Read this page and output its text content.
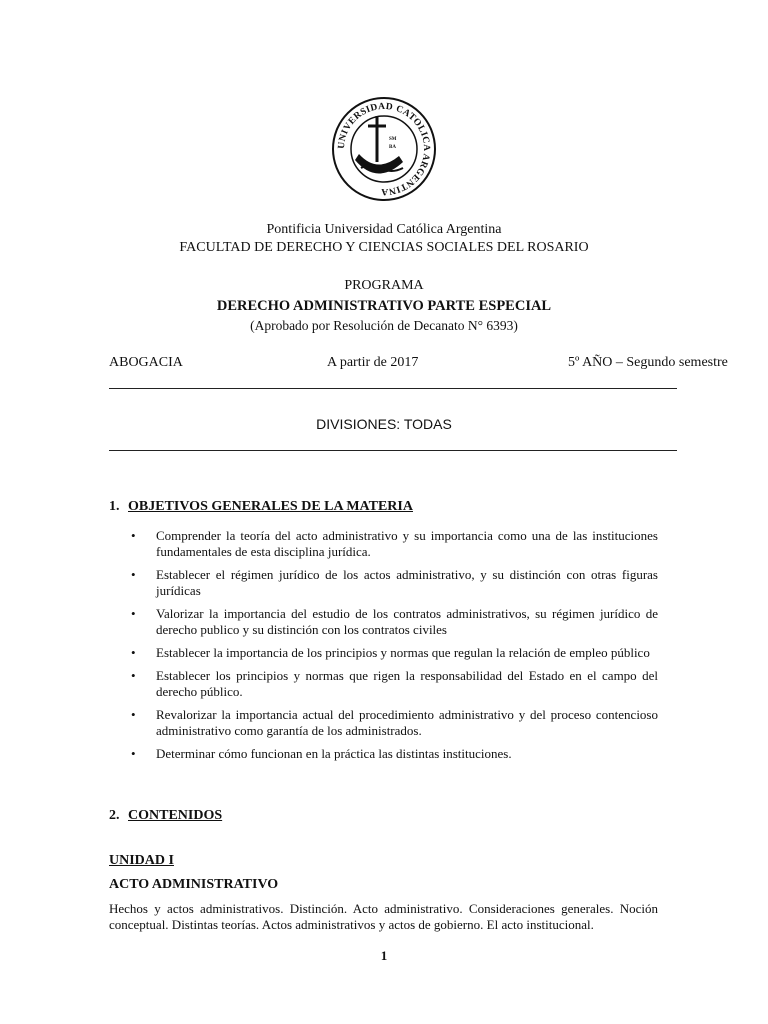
UNIVERSIDAD CATOLICA ARGENTINA
SM
BA
Pontificia Universidad Católica Argentina
FACULTAD DE DERECHO Y CIENCIAS SOCIALES DEL ROSARIO
PROGRAMA
DERECHO ADMINISTRATIVO PARTE ESPECIAL
(Aprobado por Resolución de Decanato N° 6393)
ABOGACIA	A partir de 2017	5º AÑO – Segundo semestre
DIVISIONES: TODAS
1. OBJETIVOS GENERALES DE LA MATERIA
• Comprender la teoría del acto administrativo y su importancia como una de las instituciones fundamentales de esta disciplina jurídica.
• Establecer el régimen jurídico de los actos administrativo, y su distinción con otras figuras jurídicas
• Valorizar la importancia del estudio de los contratos administrativos, su régimen jurídico de derecho publico y su distinción con los contratos civiles
• Establecer la importancia de los principios y normas que regulan la relación de empleo público
• Establecer los principios y normas que rigen la responsabilidad del Estado en el campo del derecho público.
• Revalorizar la importancia actual del procedimiento administrativo y del proceso contencioso administrativo como garantía de los administrados.
• Determinar cómo funcionan en la práctica las distintas instituciones.
2. CONTENIDOS
UNIDAD I
ACTO ADMINISTRATIVO

Hechos y actos administrativos. Distinción. Acto administrativo. Consideraciones generales. Noción conceptual. Distintas teorías. Actos administrativos y actos de gobierno. El acto institucional.

1
